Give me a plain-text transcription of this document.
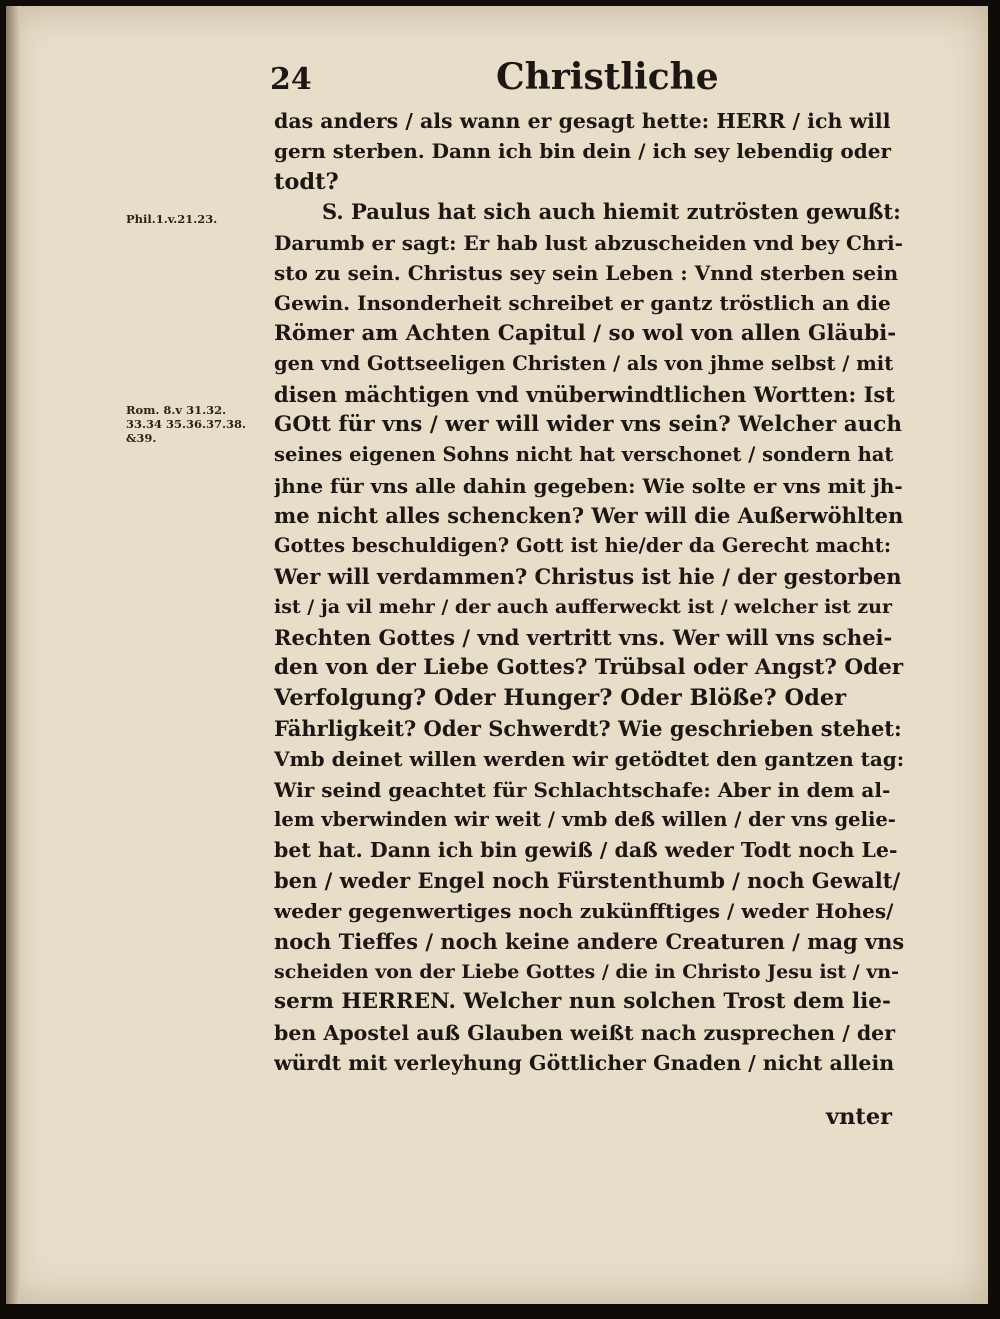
24	Christliche
Phil.1.v.21.23.
Rom. 8.v 31.32.
33.34 35.36.37.38.
&39.
das anders / als wann er gesagt hette: HERR / ich will
gern sterben. Dann ich bin dein / ich sey lebendig oder
todt?
S. Paulus hat sich auch hiemit zutrösten gewußt:
Darumb er sagt: Er hab lust abzuscheiden vnd bey Chri-
sto zu sein. Christus sey sein Leben : Vnnd sterben sein
Gewin. Insonderheit schreibet er gantz tröstlich an die
Römer am Achten Capitul / so wol von allen Gläubi-
gen vnd Gottseeligen Christen / als von jhme selbst / mit
disen mächtigen vnd vnüberwindtlichen Wortten: Ist
GOtt für vns / wer will wider vns sein? Welcher auch
seines eigenen Sohns nicht hat verschonet / sondern hat
jhne für vns alle dahin gegeben: Wie solte er vns mit jh-
me nicht alles schencken? Wer will die Außerwöhlten
Gottes beschuldigen? Gott ist hie/der da Gerecht macht:
Wer will verdammen? Christus ist hie / der gestorben
ist / ja vil mehr / der auch aufferweckt ist / welcher ist zur
Rechten Gottes / vnd vertritt vns. Wer will vns schei-
den von der Liebe Gottes? Trübsal oder Angst? Oder
Verfolgung? Oder Hunger? Oder Blöße? Oder
Fährligkeit? Oder Schwerdt? Wie geschrieben stehet:
Vmb deinet willen werden wir getödtet den gantzen tag:
Wir seind geachtet für Schlachtschafe: Aber in dem al-
lem vberwinden wir weit / vmb deß willen / der vns gelie-
bet hat. Dann ich bin gewiß / daß weder Todt noch Le-
ben / weder Engel noch Fürstenthumb / noch Gewalt/
weder gegenwertiges noch zukünfftiges / weder Hohes/
noch Tieffes / noch keine andere Creaturen / mag vns
scheiden von der Liebe Gottes / die in Christo Jesu ist / vn-
serm HERREN. Welcher nun solchen Trost dem lie-
ben Apostel auß Glauben weißt nach zusprechen / der
würdt mit verleyhung Göttlicher Gnaden / nicht allein
vnter
